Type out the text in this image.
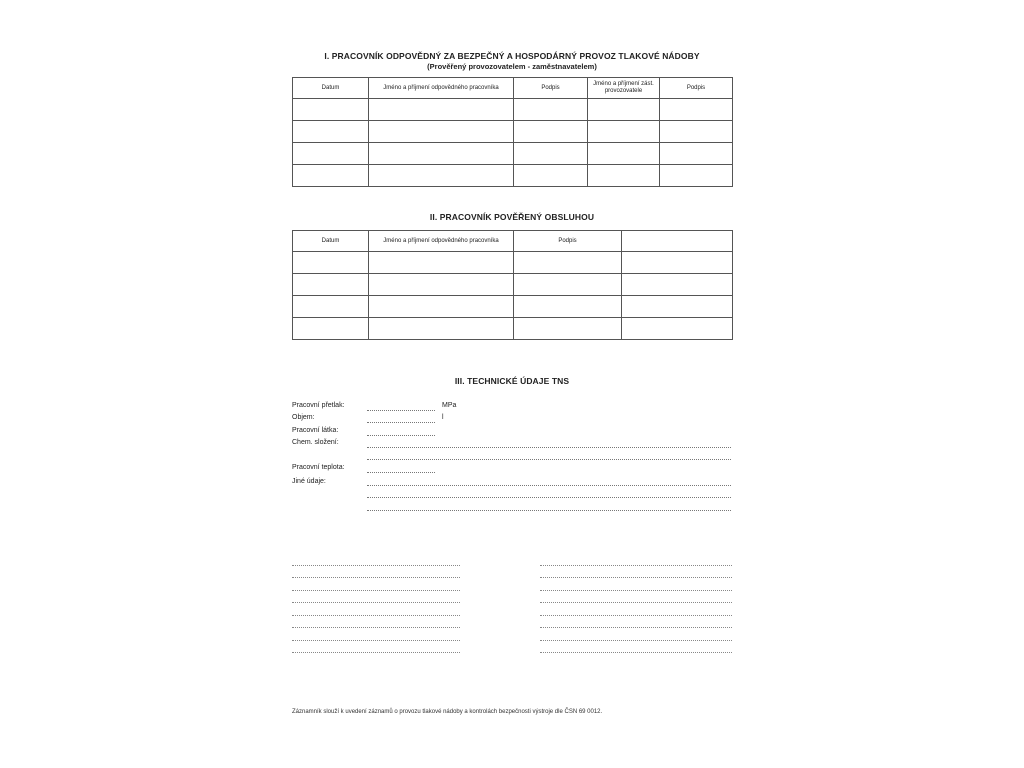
I. PRACOVNÍK ODPOVĚDNÝ ZA BEZPEČNÝ A HOSPODÁRNÝ PROVOZ TLAKOVÉ NÁDOBY
(Prověřený provozovatelem - zaměstnavatelem)
Datum	Jméno a příjmení odpovědného pracovníka	Podpis	Jméno a příjmení zást. provozovatele	Podpis

II. PRACOVNÍK POVĚŘENÝ OBSLUHOU
Datum	Jméno a příjmení odpovědného pracovníka	Podpis	

III. TECHNICKÉ ÚDAJE TNS
Pracovní přetlak:	MPa
Objem:	l
Pracovní látka:
Chem. složení:
Pracovní teplota:
Jiné údaje:
Záznamník slouží k uvedení záznamů o provozu tlakové nádoby a kontrolách bezpečnosti výstroje dle ČSN 69 0012.
